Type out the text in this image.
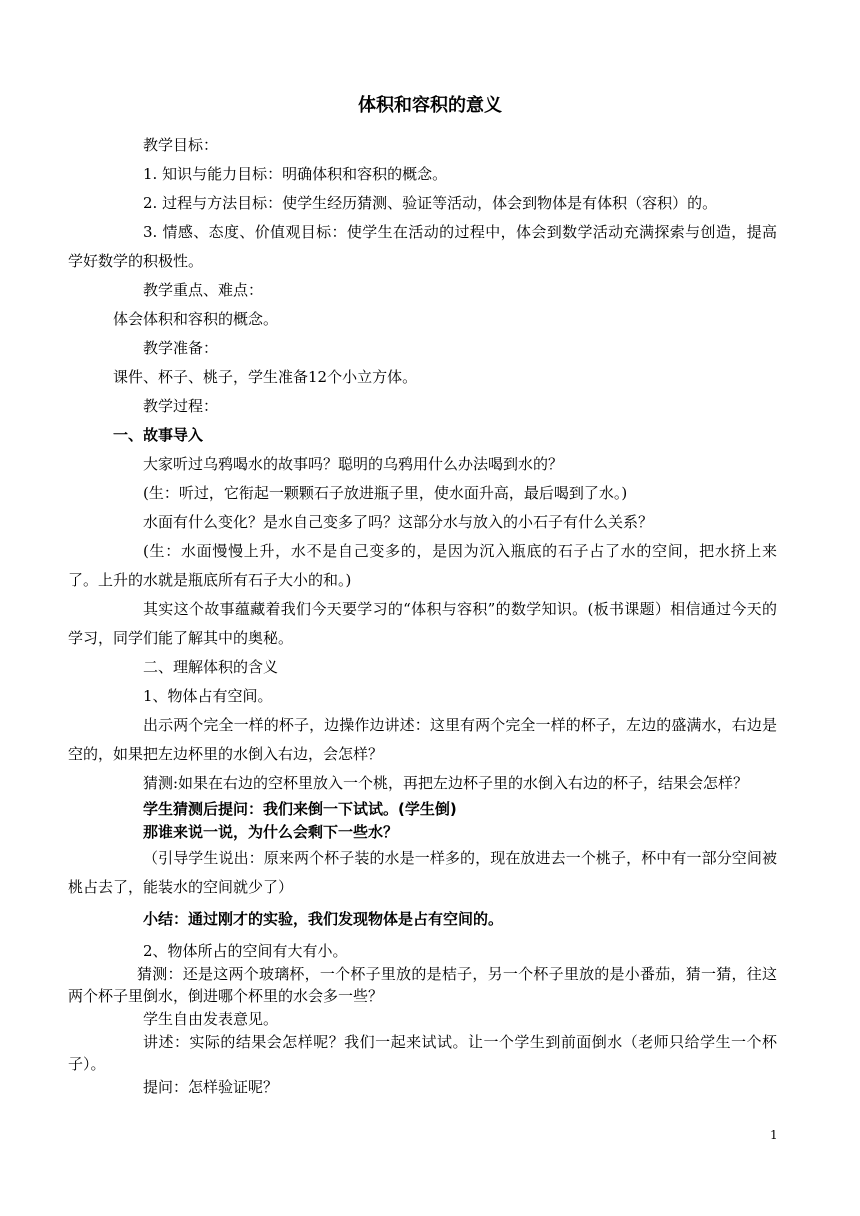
体积和容积的意义

教学目标：

1. 知识与能力目标：明确体积和容积的概念。

2. 过程与方法目标：使学生经历猜测、验证等活动，体会到物体是有体积（容积）的。

3. 情感、态度、价值观目标：使学生在活动的过程中，体会到数学活动充满探索与创造，提高学好数学的积极性。

教学重点、难点：

体会体积和容积的概念。

教学准备：

课件、杯子、桃子，学生准备12个小立方体。

教学过程：

一、故事导入

大家听过乌鸦喝水的故事吗？聪明的乌鸦用什么办法喝到水的？

(生：听过，它衔起一颗颗石子放进瓶子里，使水面升高，最后喝到了水。)

水面有什么变化？是水自己变多了吗？这部分水与放入的小石子有什么关系？

(生：水面慢慢上升，水不是自己变多的，是因为沉入瓶底的石子占了水的空间，把水挤上来了。上升的水就是瓶底所有石子大小的和。)

其实这个故事蕴藏着我们今天要学习的“体积与容积”的数学知识。(板书课题）相信通过今天的学习，同学们能了解其中的奥秘。

二、理解体积的含义

1、物体占有空间。

出示两个完全一样的杯子，边操作边讲述：这里有两个完全一样的杯子，左边的盛满水，右边是空的，如果把左边杯里的水倒入右边，会怎样？

猜测:如果在右边的空杯里放入一个桃，再把左边杯子里的水倒入右边的杯子，结果会怎样？

学生猜测后提问：我们来倒一下试试。(学生倒)

那谁来说一说，为什么会剩下一些水？

（引导学生说出：原来两个杯子装的水是一样多的，现在放进去一个桃子，杯中有一部分空间被桃占去了，能装水的空间就少了）

小结：通过刚才的实验，我们发现物体是占有空间的。

2、物体所占的空间有大有小。

猜测：还是这两个玻璃杯，一个杯子里放的是桔子，另一个杯子里放的是小番茄，猜一猜，往这两个杯子里倒水，倒进哪个杯里的水会多一些？

学生自由发表意见。

讲述：实际的结果会怎样呢？我们一起来试试。让一个学生到前面倒水（老师只给学生一个杯子）。

提问：怎样验证呢？

1
